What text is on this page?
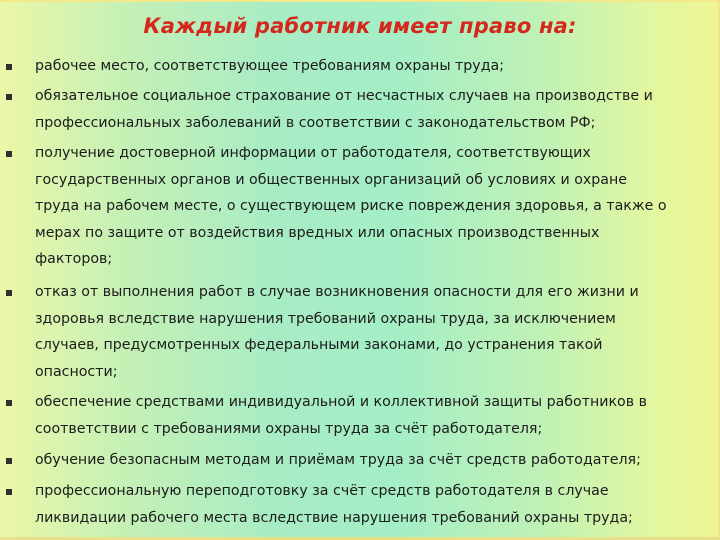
Каждый работник имеет право на:
рабочее место, соответствующее требованиям охраны труда;
обязательное социальное страхование от несчастных случаев на производстве и
профессиональных заболеваний в соответствии с законодательством РФ;
получение достоверной информации от работодателя, соответствующих
государственных органов и общественных организаций об условиях и охране
труда на рабочем месте, о существующем риске повреждения здоровья, а также о
мерах по защите от воздействия вредных или опасных производственных
факторов;
отказ от выполнения работ в случае возникновения опасности для его жизни и
здоровья вследствие нарушения требований охраны труда, за исключением
случаев, предусмотренных федеральными законами, до устранения такой
опасности;
обеспечение средствами индивидуальной и коллективной защиты работников в
соответствии с требованиями охраны труда за счёт работодателя;
обучение безопасным методам и приёмам труда за счёт средств работодателя;
профессиональную переподготовку за счёт средств работодателя в случае
ликвидации рабочего места вследствие нарушения требований охраны труда;
